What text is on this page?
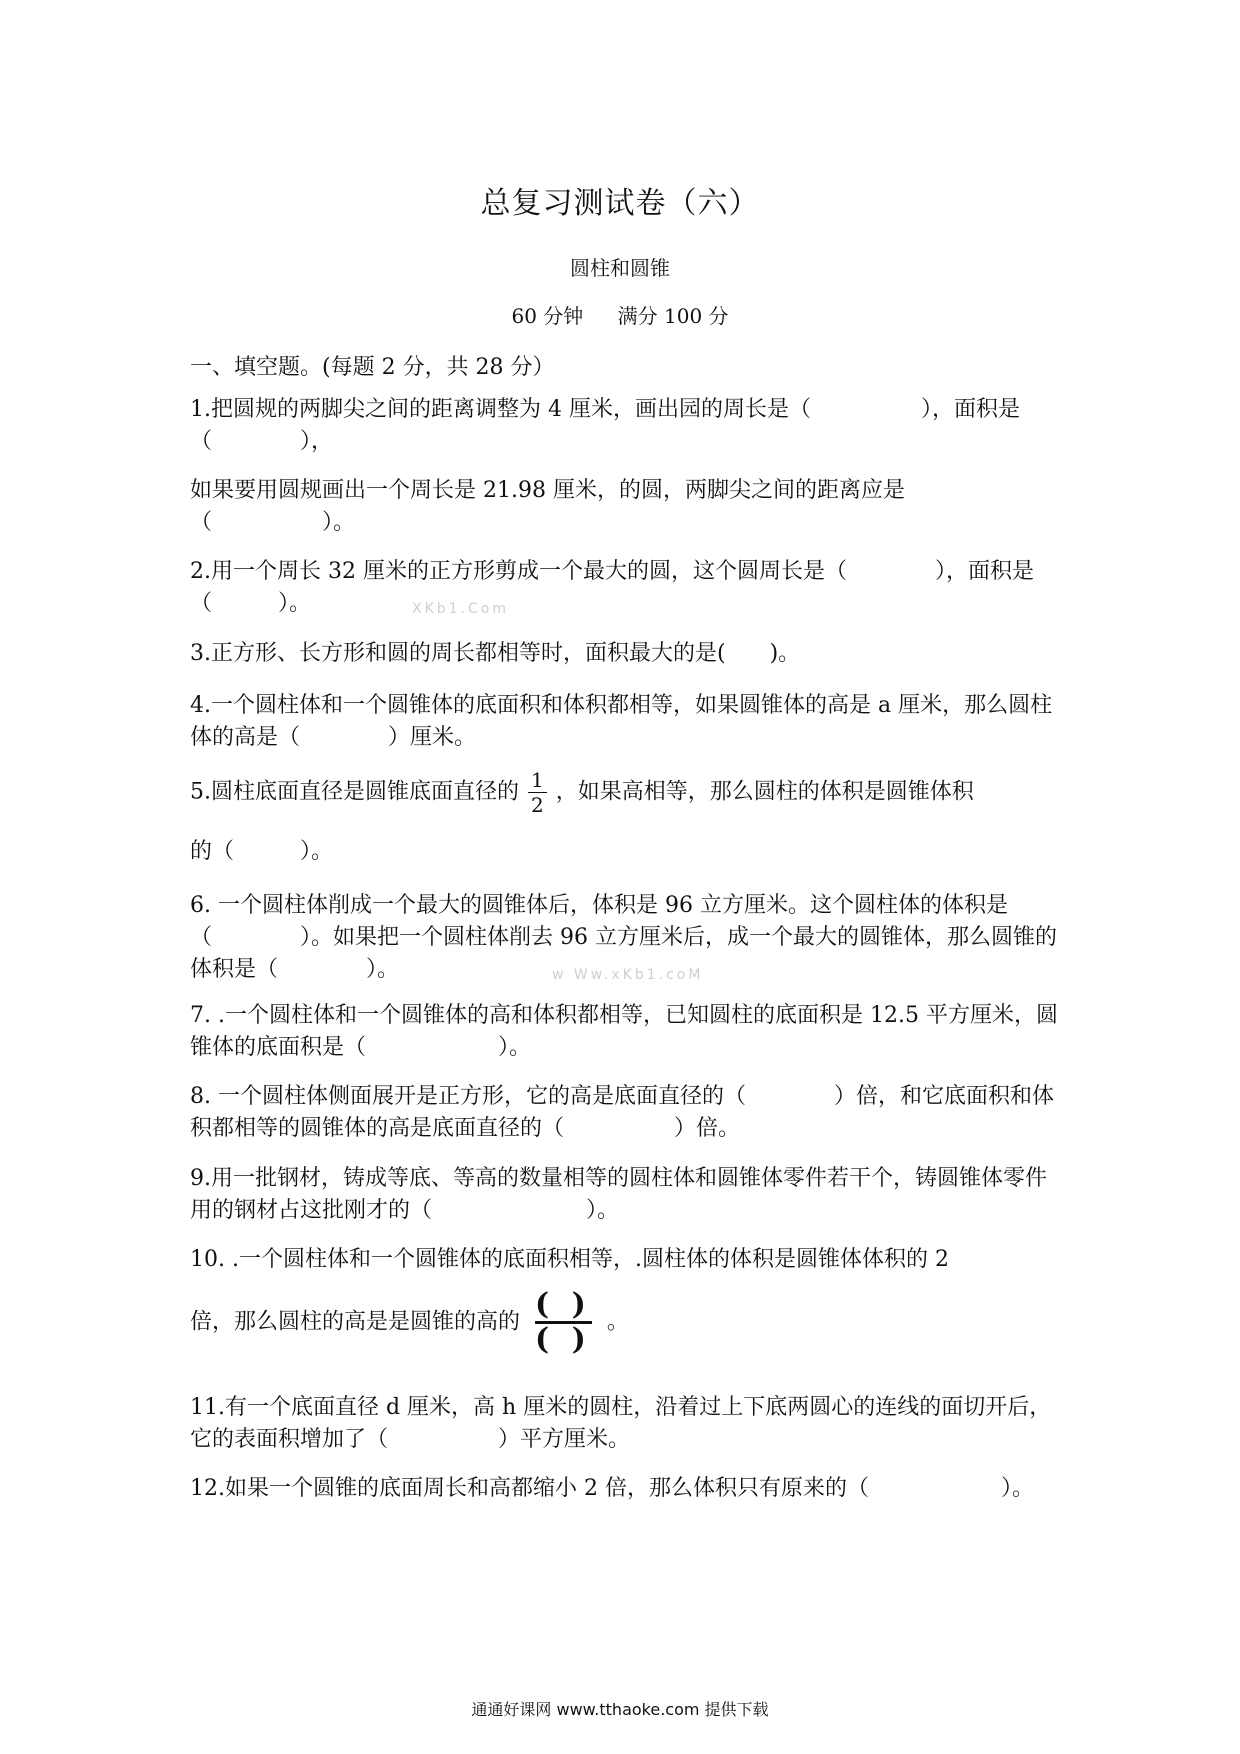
总复习测试卷（六）
圆柱和圆锥
60 分钟 满分 100 分
一、填空题。(每题 2 分，共 28 分）

1.把圆规的两脚尖之间的距离调整为 4 厘米，画出园的周长是（　　　　　），面积是（　　　　），

如果要用圆规画出一个周长是 21.98 厘米，的圆，两脚尖之间的距离应是（　　　　　）。

2.用一个周长 32 厘米的正方形剪成一个最大的圆，这个圆周长是（　　　　），面积是（　　　）。	XKb1.Com

3.正方形、长方形和圆的周长都相等时，面积最大的是(　　)。

4.一个圆柱体和一个圆锥体的底面积和体积都相等，如果圆锥体的高是 a 厘米，那么圆柱体的高是（　　　　）厘米。

5.圆柱底面直径是圆锥底面直径的 $\frac{1}{2}$ ，如果高相等，那么圆柱的体积是圆锥体积

的（　　　）。

6. 一个圆柱体削成一个最大的圆锥体后，体积是 96 立方厘米。这个圆柱体的体积是（　　　　）。如果把一个圆柱体削去 96 立方厘米后，成一个最大的圆锥体，那么圆锥的体积是（　　　　）。	w Ww.xKb1.coM

7. .一个圆柱体和一个圆锥体的高和体积都相等，已知圆柱的底面积是 12.5 平方厘米，圆锥体的底面积是（　　　　　　）。

8. 一个圆柱体侧面展开是正方形，它的高是底面直径的（　　　　）倍，和它底面积和体积都相等的圆锥体的高是底面直径的（　　　　　）倍。

9.用一批钢材，铸成等底、等高的数量相等的圆柱体和圆锥体零件若干个，铸圆锥体零件用的钢材占这批刚才的（　　　　　　　）。

10. .一个圆柱体和一个圆锥体的底面积相等，.圆柱体的体积是圆锥体体积的 2

倍，那么圆柱的高是是圆锥的高的 ( )
( ) 。

11.有一个底面直径 d 厘米，高 h 厘米的圆柱，沿着过上下底两圆心的连线的面切开后，它的表面积增加了（　　　　　）平方厘米。

12.如果一个圆锥的底面周长和高都缩小 2 倍，那么体积只有原来的（　　　　　　）。

通通好课网 www.tthaoke.com 提供下载
